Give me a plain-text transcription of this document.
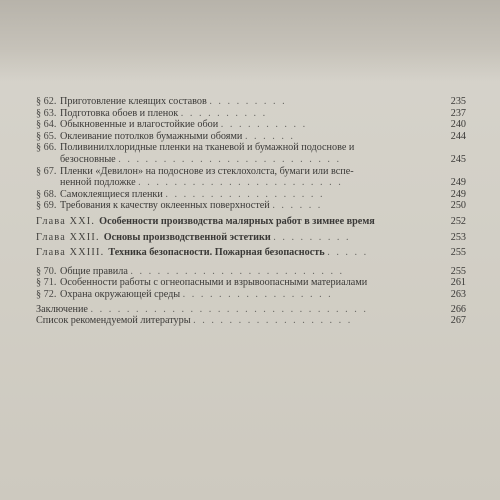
§ 62. Приготовление клеящих составов . . . . . . . . .	235
§ 63. Подготовка обоев и пленок . . . . . . . . . .	237
§ 64. Обыкновенные и влагостойкие обои . . . . . . . . . .	240
§ 65. Оклеивание потолков бумажными обоями . . . . . .	244
§ 66. Поливинилхлоридные пленки на тканевой и бумажной подоснове и
безосновные . . . . . . . . . . . . . . . . . . . . . . . . .	245
§ 67. Пленки «Девилон» на подоснове из стеклохолста, бумаги или вспе-
ненной подложке . . . . . . . . . . . . . . . . . . . . . . .	249
§ 68. Самоклеящиеся пленки . . . . . . . . . . . . . . . . . .	249
§ 69. Требования к качеству оклеенных поверхностей . . . . . .	250
Глава XXI. Особенности производства малярных работ в зимнее время	252
Глава XXII. Основы производственной эстетики . . . . . . . . .	253
Глава XXIII. Техника безопасности. Пожарная безопасность . . . . .	255
§ 70. Общие правила . . . . . . . . . . . . . . . . . . . . . . . .	255
§ 71. Особенности работы с огнеопасными и взрывоопасными материалами	261
§ 72. Охрана окружающей среды . . . . . . . . . . . . . . . . .	263
Заключение . . . . . . . . . . . . . . . . . . . . . . . . . . . . . . .	266
Список рекомендуемой литературы . . . . . . . . . . . . . . . . . .	267
